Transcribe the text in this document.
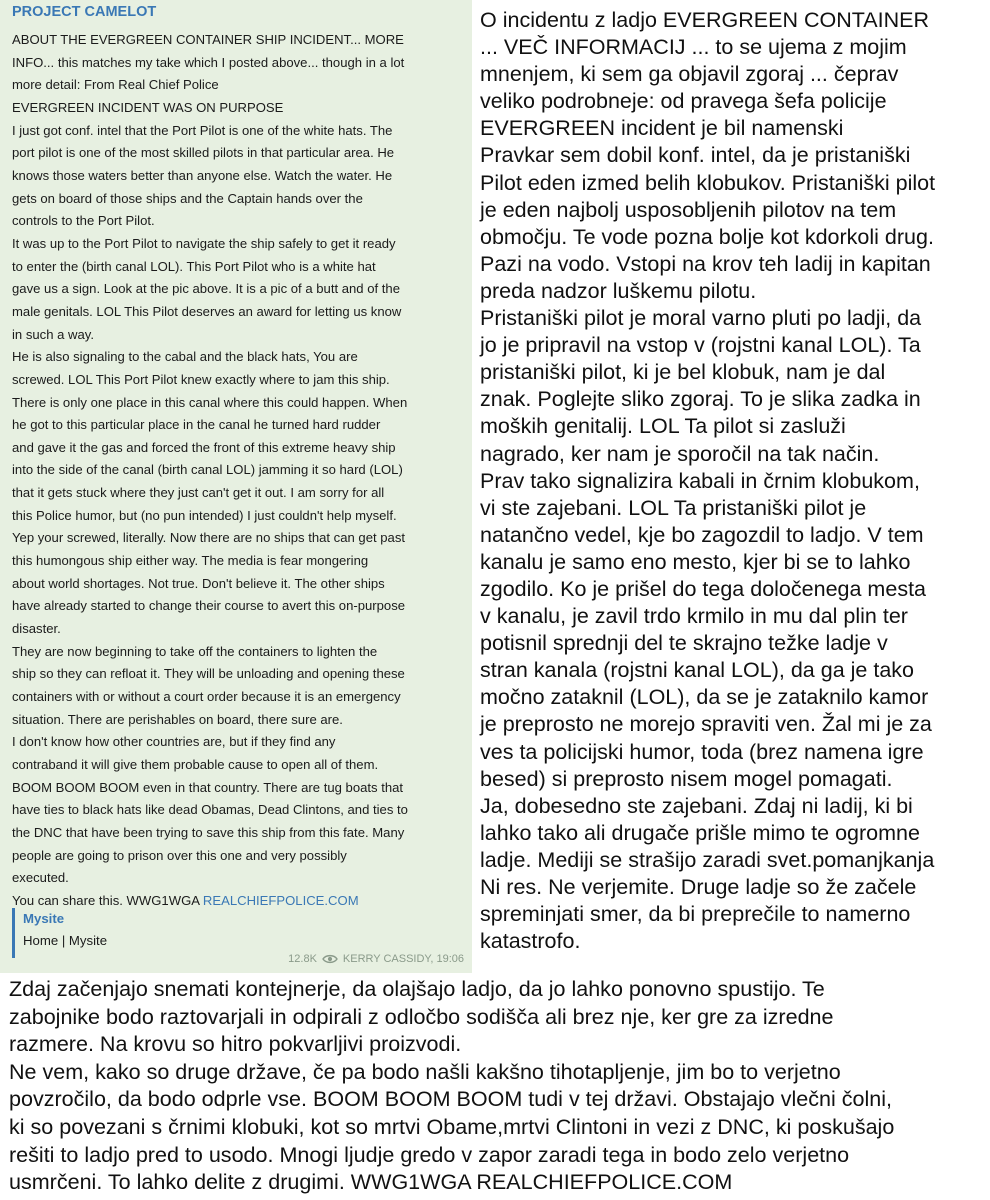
PROJECT CAMELOT
ABOUT THE EVERGREEN CONTAINER SHIP INCIDENT... MORE
INFO... this matches my take which I posted above... though in a lot
more detail: From Real Chief Police
EVERGREEN INCIDENT WAS ON PURPOSE
I just got conf. intel that the Port Pilot is one of the white hats. The
port pilot is one of the most skilled pilots in that particular area. He
knows those waters better than anyone else. Watch the water. He
gets on board of those ships and the Captain hands over the
controls to the Port Pilot.
It was up to the Port Pilot to navigate the ship safely to get it ready
to enter the (birth canal LOL). This Port Pilot who is a white hat
gave us a sign. Look at the pic above. It is a pic of a butt and of the
male genitals. LOL This Pilot deserves an award for letting us know
in such a way.
He is also signaling to the cabal and the black hats, You are
screwed. LOL This Port Pilot knew exactly where to jam this ship.
There is only one place in this canal where this could happen. When
he got to this particular place in the canal he turned hard rudder
and gave it the gas and forced the front of this extreme heavy ship
into the side of the canal (birth canal LOL) jamming it so hard (LOL)
that it gets stuck where they just can't get it out. I am sorry for all
this Police humor, but (no pun intended) I just couldn't help myself.
Yep your screwed, literally. Now there are no ships that can get past
this humongous ship either way. The media is fear mongering
about world shortages. Not true. Don't believe it. The other ships
have already started to change their course to avert this on-purpose
disaster.
They are now beginning to take off the containers to lighten the
ship so they can refloat it. They will be unloading and opening these
containers with or without a court order because it is an emergency
situation. There are perishables on board, there sure are.
I don't know how other countries are, but if they find any
contraband it will give them probable cause to open all of them.
BOOM BOOM BOOM even in that country. There are tug boats that
have ties to black hats like dead Obamas, Dead Clintons, and ties to
the DNC that have been trying to save this ship from this fate. Many
people are going to prison over this one and very possibly
executed.
You can share this. WWG1WGA REALCHIEFPOLICE.COM
Mysite
Home | Mysite
12.8K KERRY CASSIDY, 19:06
O incidentu z ladjo EVERGREEN CONTAINER
... VEČ INFORMACIJ ... to se ujema z mojim
mnenjem, ki sem ga objavil zgoraj ... čeprav
veliko podrobneje: od pravega šefa policije
EVERGREEN incident je bil namenski
Pravkar sem dobil konf. intel, da je pristaniški
Pilot eden izmed belih klobukov. Pristaniški pilot
je eden najbolj usposobljenih pilotov na tem
območju. Te vode pozna bolje kot kdorkoli drug.
Pazi na vodo. Vstopi na krov teh ladij in kapitan
preda nadzor luškemu pilotu.
Pristaniški pilot je moral varno pluti po ladji, da
jo je pripravil na vstop v (rojstni kanal LOL). Ta
pristaniški pilot, ki je bel klobuk, nam je dal
znak. Poglejte sliko zgoraj. To je slika zadka in
moških genitalij. LOL Ta pilot si zasluži
nagrado, ker nam je sporočil na tak način.
Prav tako signalizira kabali in črnim klobukom,
vi ste zajebani. LOL Ta pristaniški pilot je
natančno vedel, kje bo zagozdil to ladjo. V tem
kanalu je samo eno mesto, kjer bi se to lahko
zgodilo. Ko je prišel do tega določenega mesta
v kanalu, je zavil trdo krmilo in mu dal plin ter
potisnil sprednji del te skrajno težke ladje v
stran kanala (rojstni kanal LOL), da ga je tako
močno zataknil (LOL), da se je zataknilo kamor
je preprosto ne morejo spraviti ven. Žal mi je za
ves ta policijski humor, toda (brez namena igre
besed) si preprosto nisem mogel pomagati.
Ja, dobesedno ste zajebani. Zdaj ni ladij, ki bi
lahko tako ali drugače prišle mimo te ogromne
ladje. Mediji se strašijo zaradi svet.pomanjkanja
Ni res. Ne verjemite. Druge ladje so že začele
spreminjati smer, da bi preprečile to namerno
katastrofo.
Zdaj začenjajo snemati kontejnerje, da olajšajo ladjo, da jo lahko ponovno spustijo. Te
zabojnike bodo raztovarjali in odpirali z odločbo sodišča ali brez nje, ker gre za izredne
razmere. Na krovu so hitro pokvarljivi proizvodi.
Ne vem, kako so druge države, če pa bodo našli kakšno tihotapljenje, jim bo to verjetno
povzročilo, da bodo odprle vse. BOOM BOOM BOOM tudi v tej državi. Obstajajo vlečni čolni,
ki so povezani s črnimi klobuki, kot so mrtvi Obame,mrtvi Clintoni in vezi z DNC, ki poskušajo
rešiti to ladjo pred to usodo. Mnogi ljudje gredo v zapor zaradi tega in bodo zelo verjetno
usmrčeni. To lahko delite z drugimi. WWG1WGA REALCHIEFPOLICE.COM
